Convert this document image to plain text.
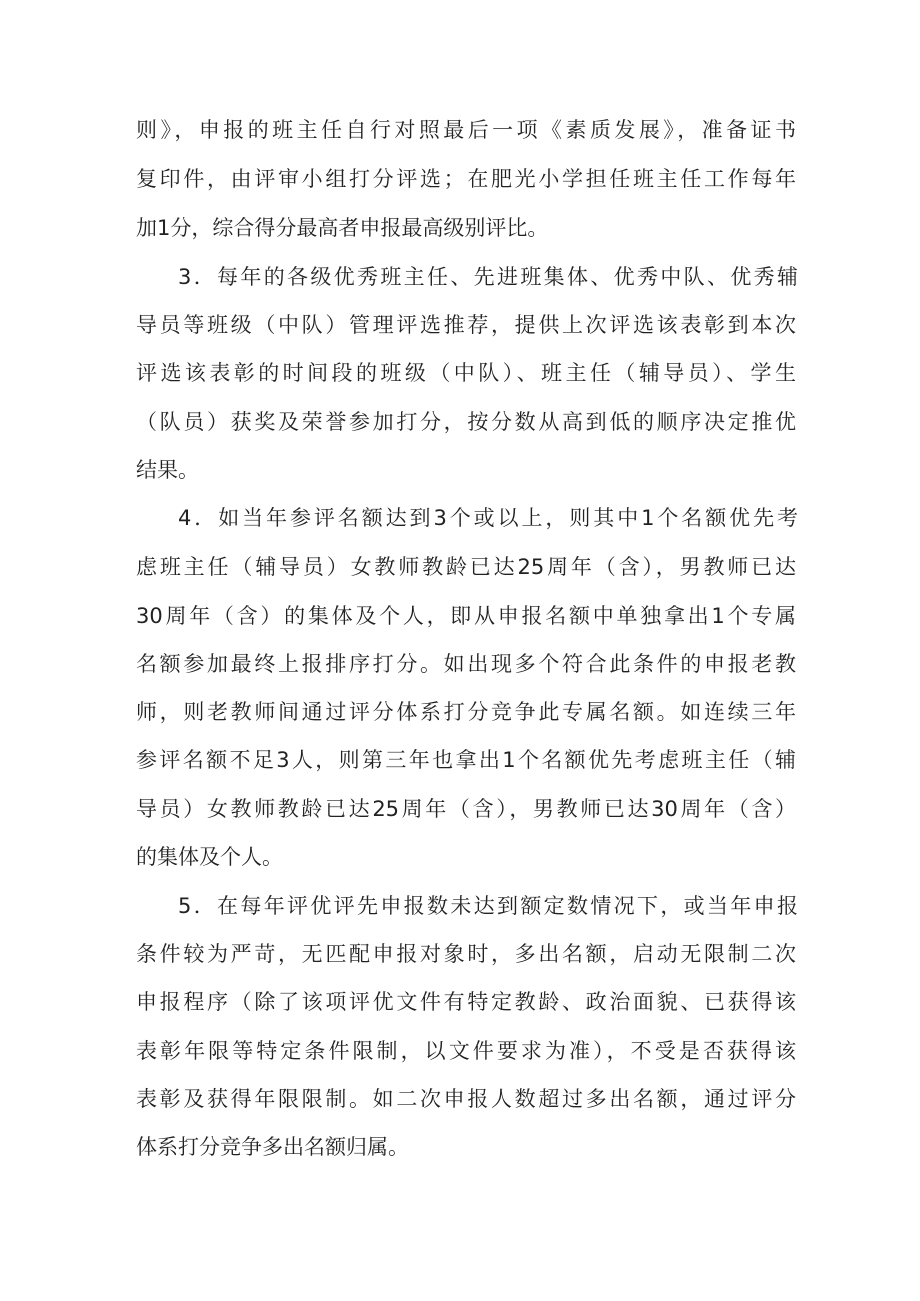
则》，申报的班主任自行对照最后一项《素质发展》，准备证书
复印件，由评审小组打分评选；在肥光小学担任班主任工作每年
加1分，综合得分最高者申报最高级别评比。
3．每年的各级优秀班主任、先进班集体、优秀中队、优秀辅
导员等班级（中队）管理评选推荐，提供上次评选该表彰到本次
评选该表彰的时间段的班级（中队）、班主任（辅导员）、学生
（队员）获奖及荣誉参加打分，按分数从高到低的顺序决定推优
结果。
4．如当年参评名额达到3个或以上，则其中1个名额优先考
虑班主任（辅导员）女教师教龄已达25周年（含），男教师已达
30周年（含）的集体及个人，即从申报名额中单独拿出1个专属
名额参加最终上报排序打分。如出现多个符合此条件的申报老教
师，则老教师间通过评分体系打分竞争此专属名额。如连续三年
参评名额不足3人，则第三年也拿出1个名额优先考虑班主任（辅
导员）女教师教龄已达25周年（含），男教师已达30周年（含）
的集体及个人。
5．在每年评优评先申报数未达到额定数情况下，或当年申报
条件较为严苛，无匹配申报对象时，多出名额，启动无限制二次
申报程序（除了该项评优文件有特定教龄、政治面貌、已获得该
表彰年限等特定条件限制，以文件要求为准），不受是否获得该
表彰及获得年限限制。如二次申报人数超过多出名额，通过评分
体系打分竞争多出名额归属。
